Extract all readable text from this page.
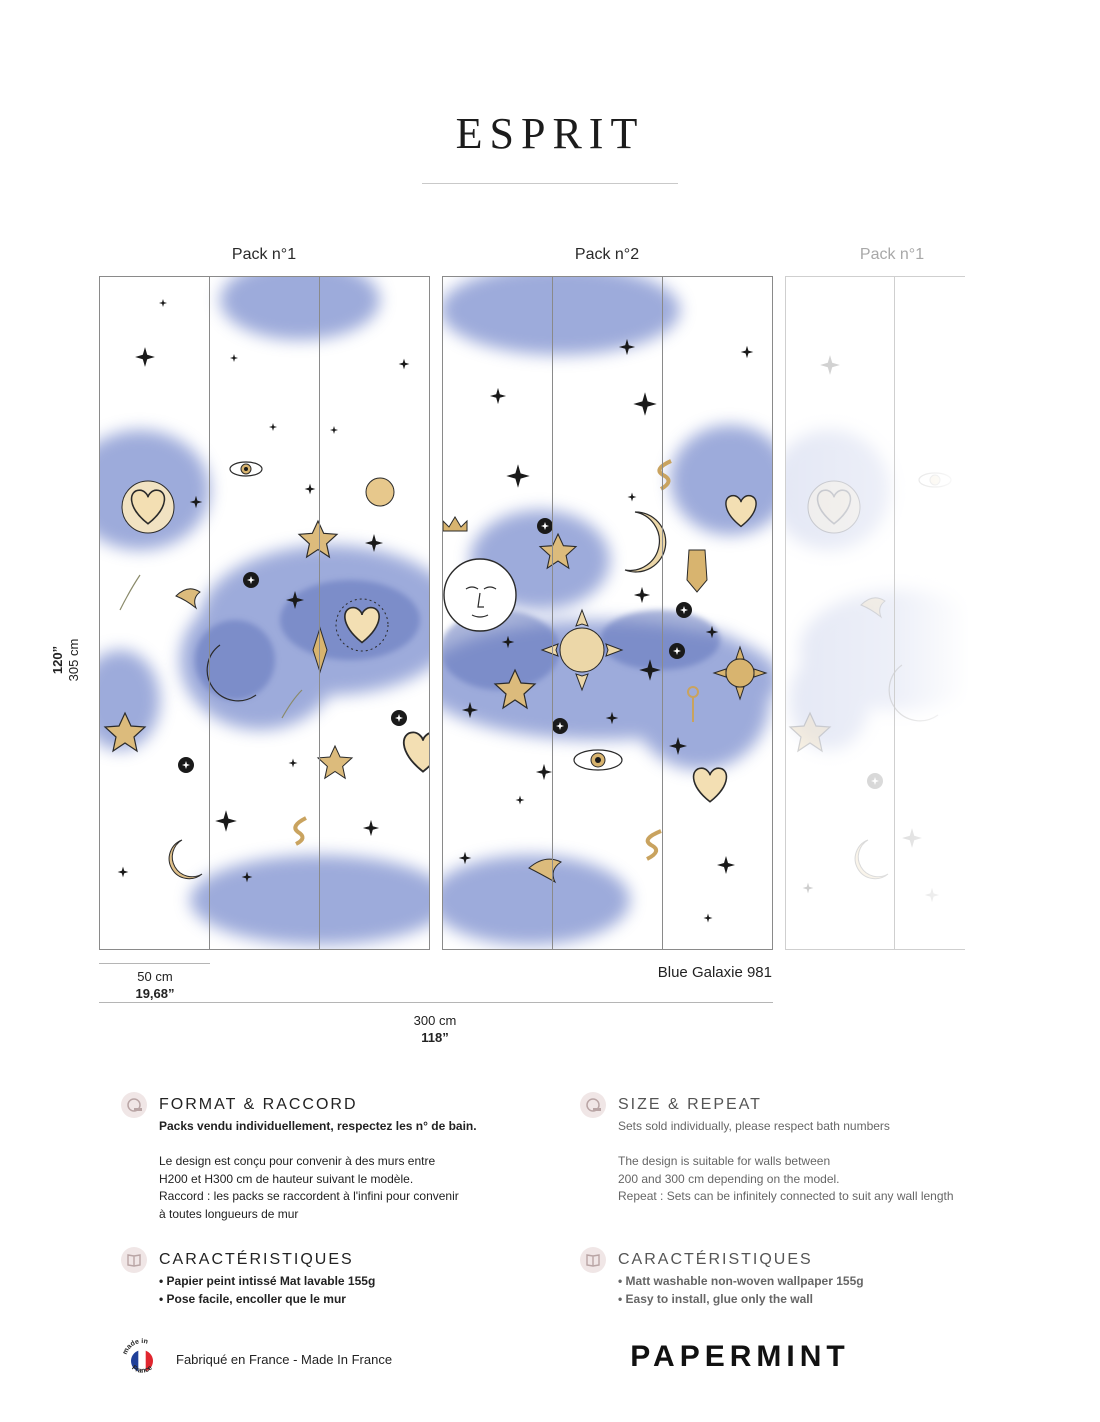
ESPRIT
Pack n°1	Pack n°2	Pack n°1
120” 305 cm
50 cm
19,68”
Blue Galaxie 981
300 cm
118”
FORMAT & RACCORD

Packs vendu individuellement, respectez les n° de bain.

Le design est conçu pour convenir à des murs entre

H200 et H300 cm de hauteur suivant le modèle.

Raccord : les packs se raccordent à l'infini pour convenir

à toutes longueurs de mur

SIZE & REPEAT

Sets sold individually, please respect bath numbers

The design is suitable for walls between

200 and 300 cm depending on the model.

Repeat : Sets can be infinitely connected to suit any wall length

CARACTÉRISTIQUES

• Papier peint intissé Mat lavable 155g

• Pose facile, encoller que le mur

CARACTÉRISTIQUES

• Matt washable non-woven wallpaper 155g

• Easy to install, glue only the wall

made in
France
Fabriqué en France - Made In France	PAPERMINT
